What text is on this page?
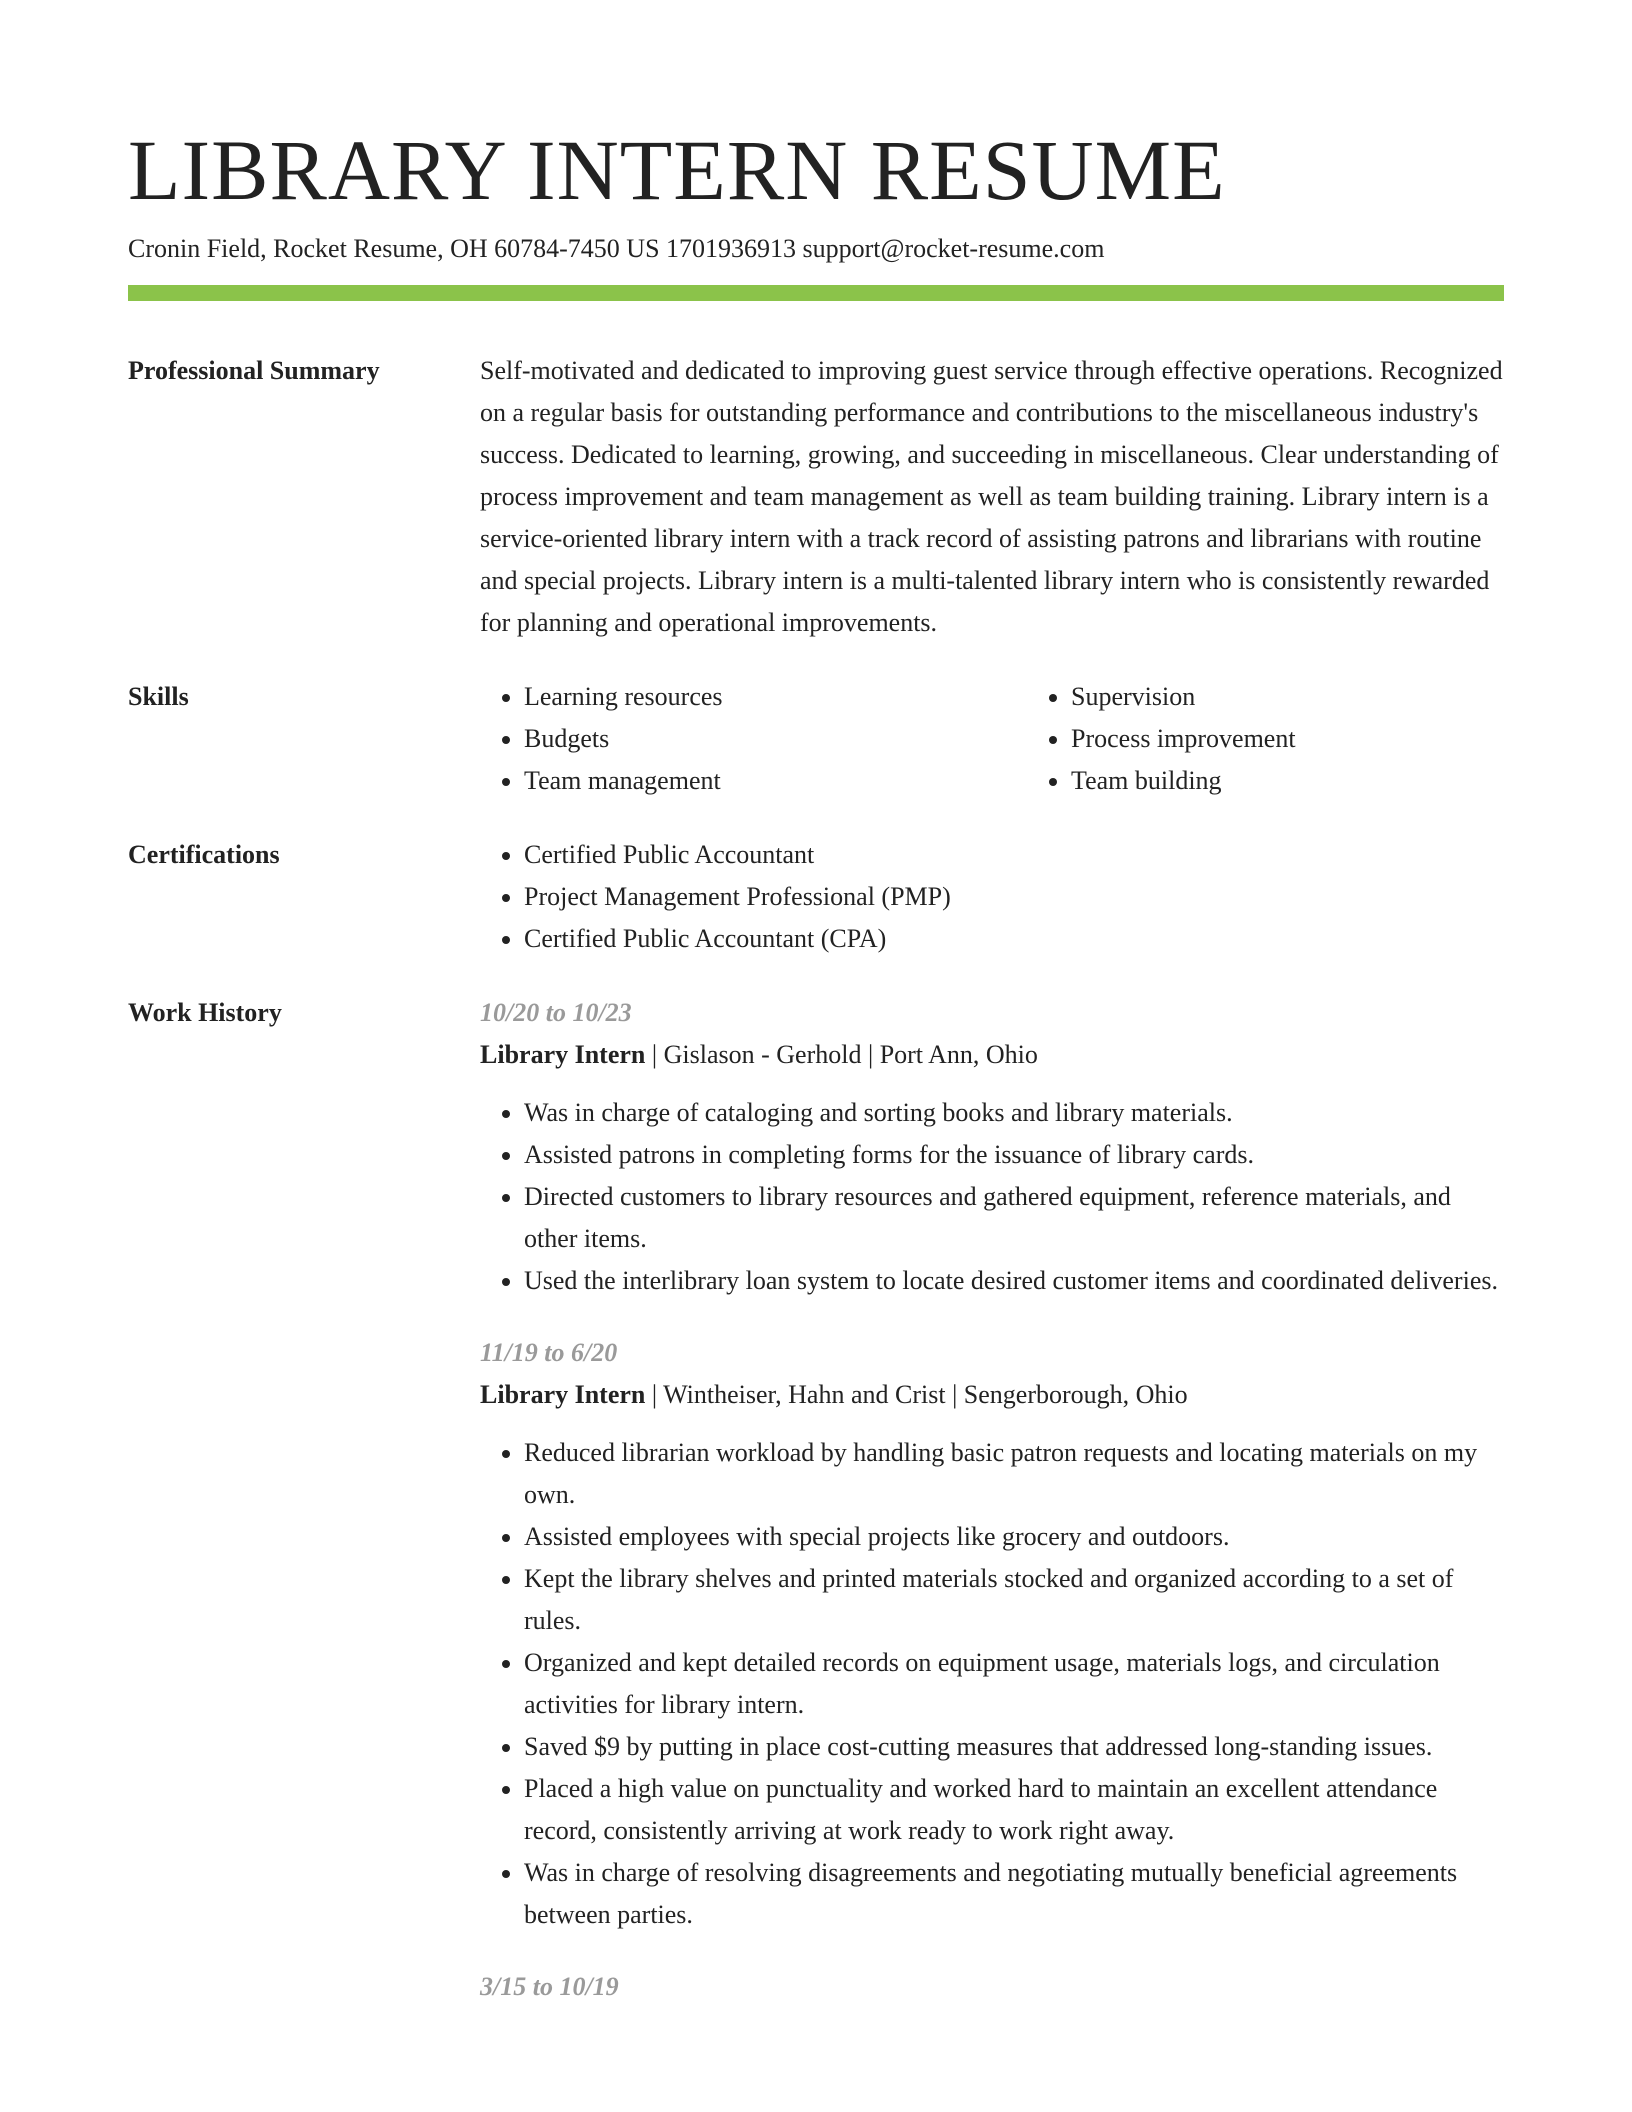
LIBRARY INTERN RESUME
Cronin Field, Rocket Resume, OH 60784-7450 US 1701936913 support@rocket-resume.com
Professional Summary	Self-motivated and dedicated to improving guest service through effective operations. Recognized on a regular basis for outstanding performance and contributions to the miscellaneous industry's success. Dedicated to learning, growing, and succeeding in miscellaneous. Clear understanding of process improvement and team management as well as team building training. Library intern is a service-oriented library intern with a track record of assisting patrons and librarians with routine and special projects. Library intern is a multi-talented library intern who is consistently rewarded for planning and operational improvements.

Skills	• Learning resources
• Budgets
• Team management
• Supervision
• Process improvement
• Team building
Certifications	• Certified Public Accountant
• Project Management Professional (PMP)
• Certified Public Accountant (CPA)
Work History	10/20 to 10/23
Library Intern | Gislason - Gerhold | Port Ann, Ohio
• Was in charge of cataloging and sorting books and library materials.
• Assisted patrons in completing forms for the issuance of library cards.
• Directed customers to library resources and gathered equipment, reference materials, and other items.
• Used the interlibrary loan system to locate desired customer items and coordinated deliveries.
11/19 to 6/20
Library Intern | Wintheiser, Hahn and Crist | Sengerborough, Ohio
• Reduced librarian workload by handling basic patron requests and locating materials on my own.
• Assisted employees with special projects like grocery and outdoors.
• Kept the library shelves and printed materials stocked and organized according to a set of rules.
• Organized and kept detailed records on equipment usage, materials logs, and circulation activities for library intern.
• Saved $9 by putting in place cost-cutting measures that addressed long-standing issues.
• Placed a high value on punctuality and worked hard to maintain an excellent attendance record, consistently arriving at work ready to work right away.
• Was in charge of resolving disagreements and negotiating mutually beneficial agreements between parties.
3/15 to 10/19
